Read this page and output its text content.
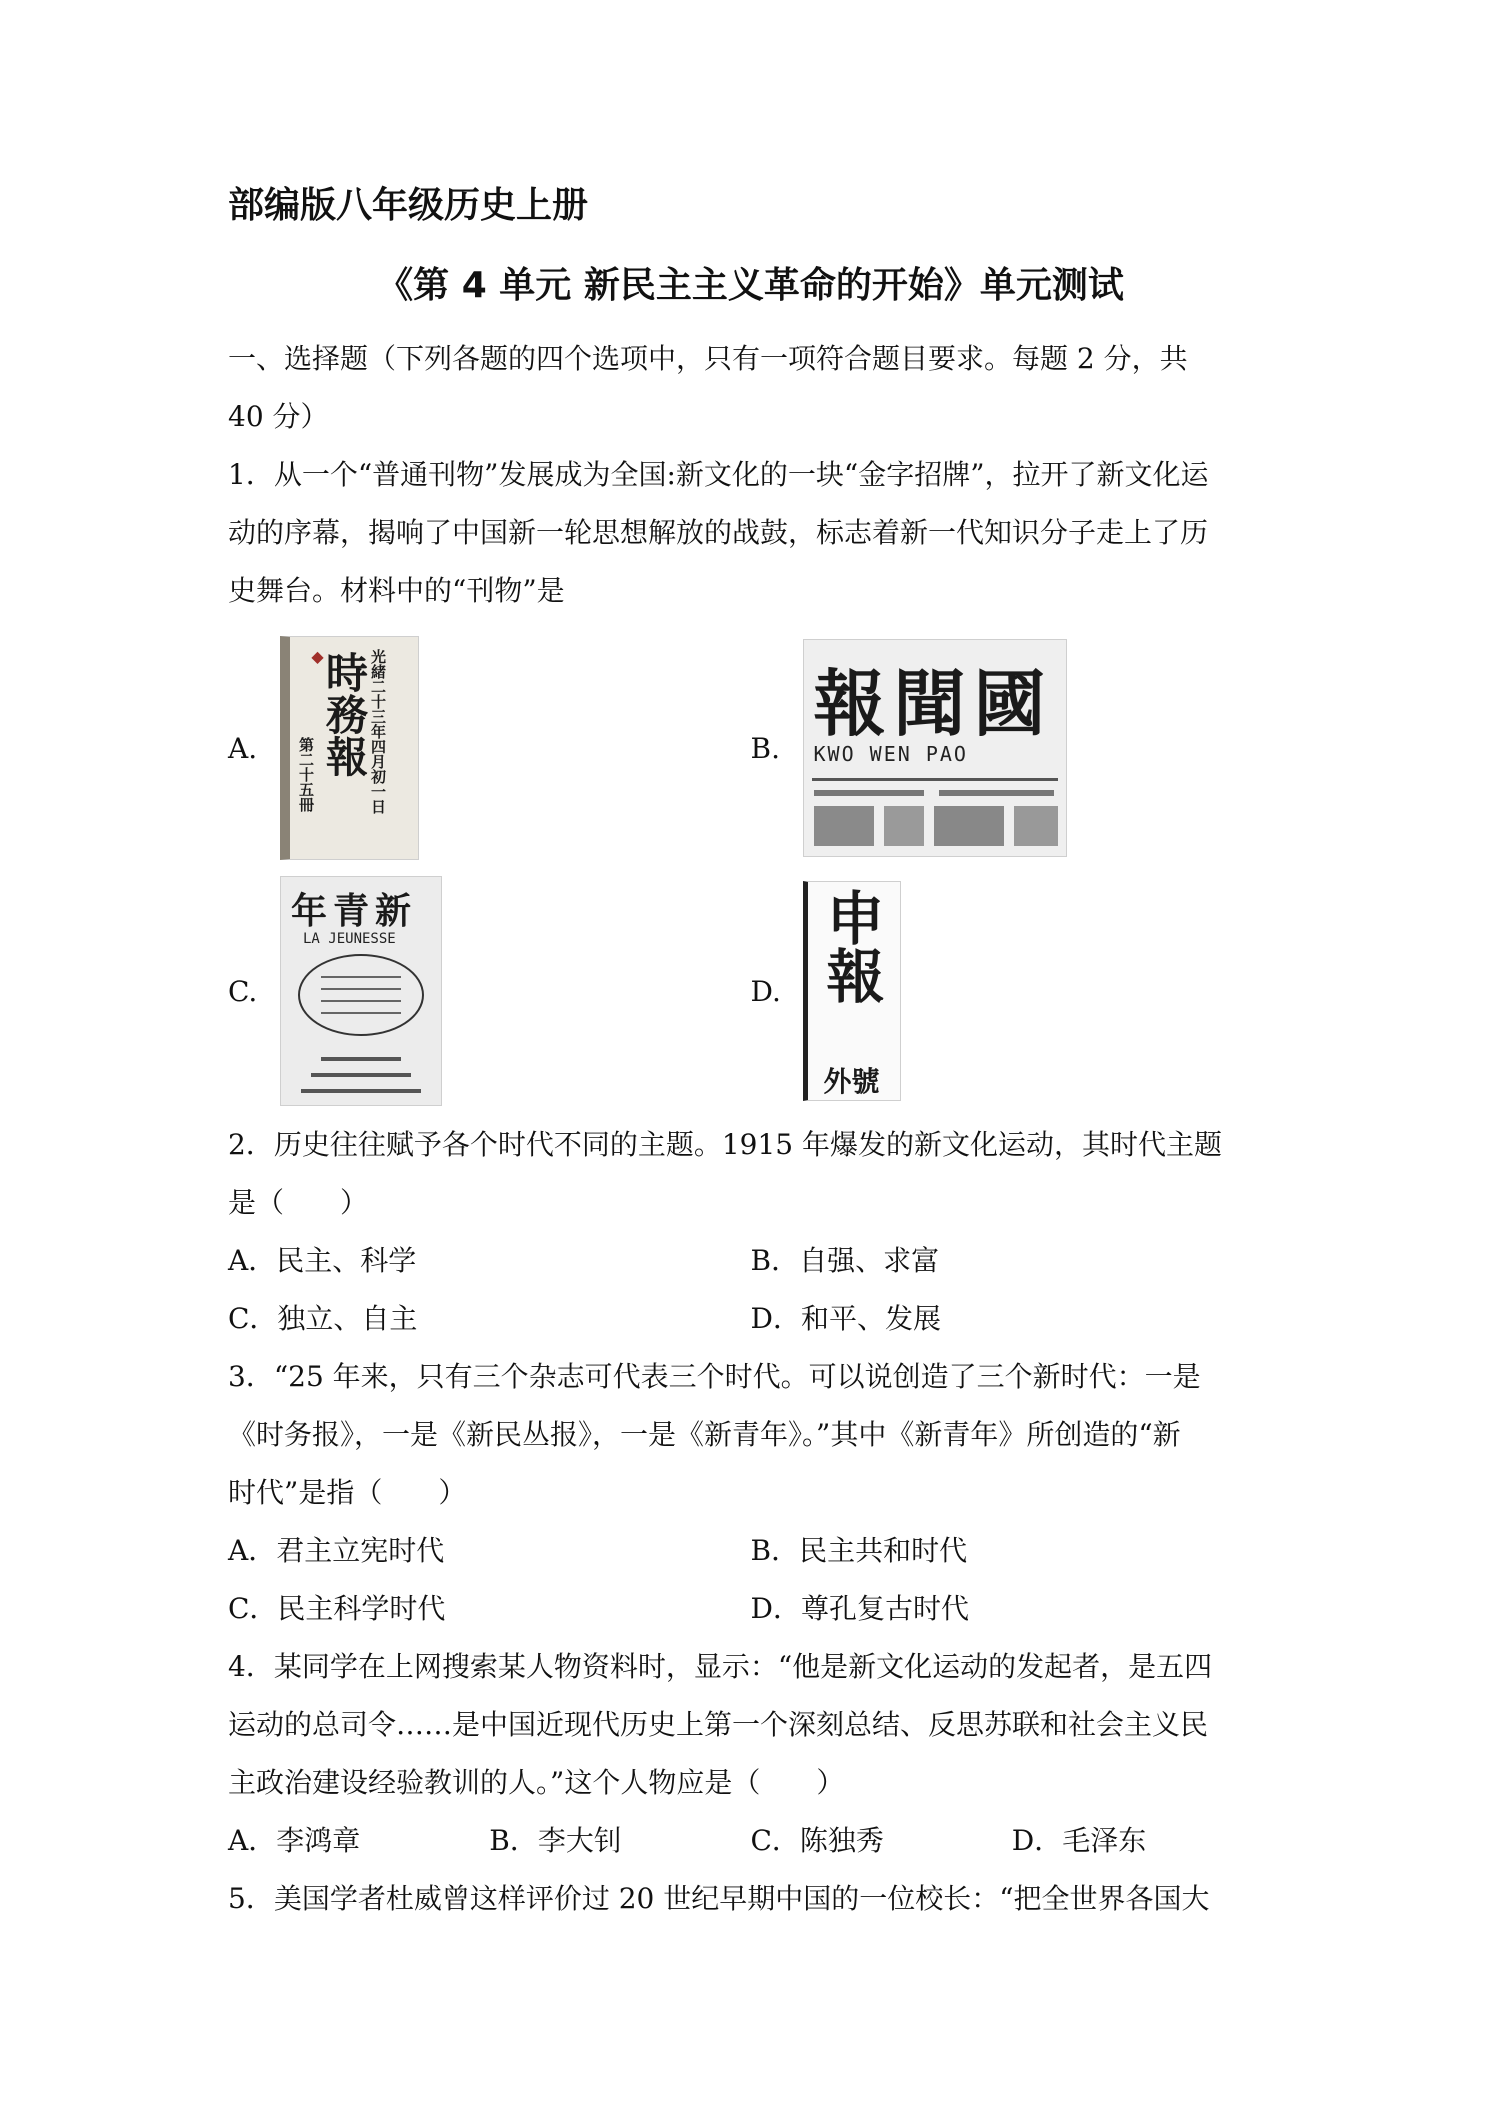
部编版八年级历史上册
《第 4 单元 新民主主义革命的开始》单元测试
一、选择题（下列各题的四个选项中，只有一项符合题目要求。每题 2 分，共
40 分）
1．从一个“普通刊物”发展成为全国:新文化的一块“金字招牌”，拉开了新文化运
动的序幕，揭响了中国新一轮思想解放的战鼓，标志着新一代知识分子走上了历
史舞台。材料中的“刊物”是
A.
◆	光緒二十三年四月初一日
時務報
第二十五冊	B.
國聞報
KWO WEN PAO
C.
新青年
LA JEUNESSE
D. 申報
外號
2．历史往往赋予各个时代不同的主题。1915 年爆发的新文化运动，其时代主题
是（　　）
A．民主、科学	B．自强、求富
C．独立、自主	D．和平、发展
3．“25 年来，只有三个杂志可代表三个时代。可以说创造了三个新时代：一是
《时务报》，一是《新民丛报》，一是《新青年》。”其中《新青年》所创造的“新
时代”是指（　　）
A．君主立宪时代	B．民主共和时代
C．民主科学时代	D．尊孔复古时代
4．某同学在上网搜索某人物资料时，显示：“他是新文化运动的发起者，是五四
运动的总司令……是中国近现代历史上第一个深刻总结、反思苏联和社会主义民
主政治建设经验教训的人。”这个人物应是（　　）
A．李鸿章	B．李大钊	C．陈独秀	D．毛泽东
5．美国学者杜威曾这样评价过 20 世纪早期中国的一位校长：“把全世界各国大
